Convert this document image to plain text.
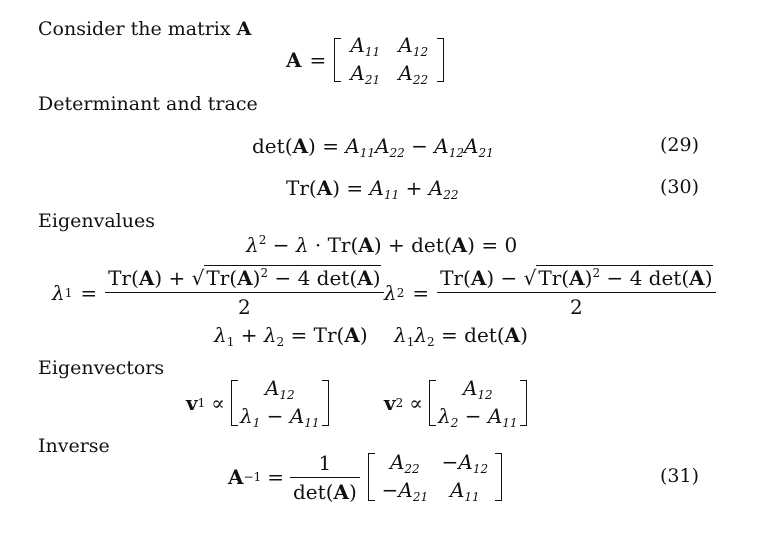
Consider the matrix A
A =
$A_{11}$ $A_{12}$
$A_{21}$ $A_{22}$
Determinant and trace
$\det(A) = A_{11}A_{22} - A_{12}A_{21}$	(29)
$Tr(A) = A_{11} + A_{22}$	(30)
Eigenvalues
$\lambda^2 - \lambda \cdot Tr(A) + \det(A) = 0$
λ $1 = \frac{Tr(A) + √ Tr(A)^2 - 4 \det(A)}{2}$ λ $2 = \frac{Tr(A) - √ Tr(A)^2 - 4 \det(A)}{2}$
$\lambda_1 + \lambda_2 = Tr(A) \lambda_1\lambda_2 = \det(A)$
Eigenvectors
v 1 ∝
$A_{12}$
$\lambda_1 - A_{11}$
v 2 ∝
$A_{12}$
$\lambda_2 - A_{11}$
Inverse
$A -1 = \frac{1}{\det(A)}$	$A_{22}$	$-A_{12}$
$-A_{21}$	$A_{11}$
(31)
